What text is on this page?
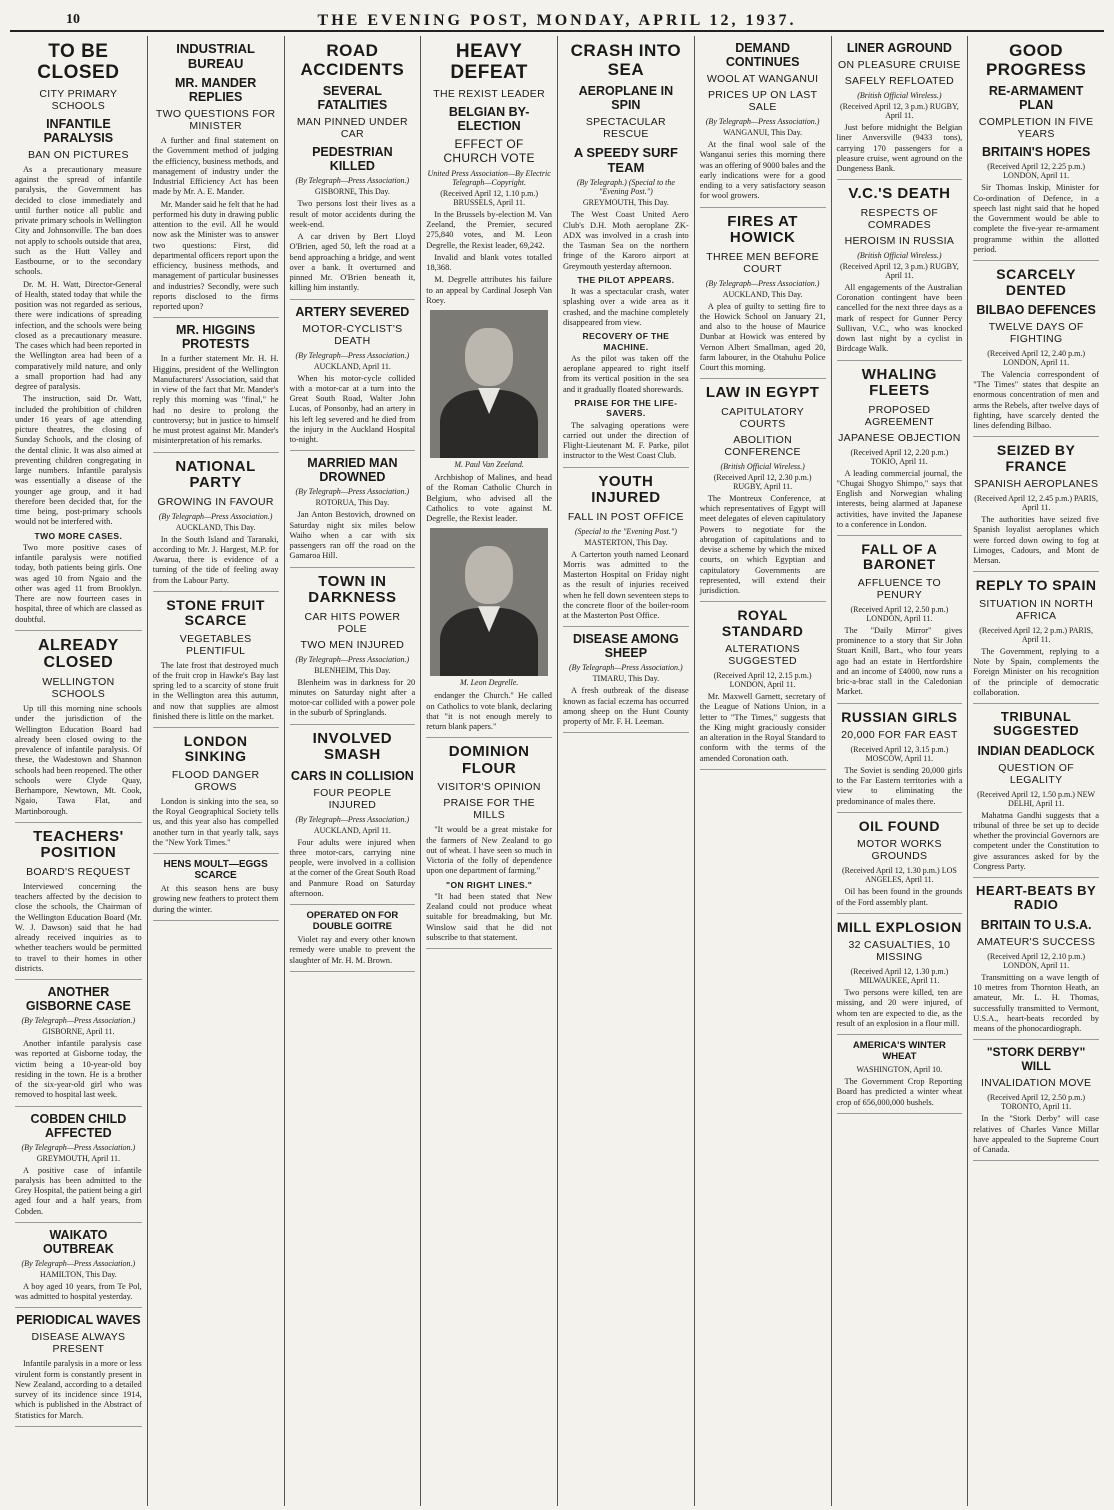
10	THE EVENING POST, MONDAY, APRIL 12, 1937.
TO BE CLOSED
CITY PRIMARY SCHOOLS
INFANTILE PARALYSIS
BAN ON PICTURES

As a precautionary measure against the spread of infantile paralysis, the Government has decided to close immediately and until further notice all public and private primary schools in Wellington City and Johnsonville. The ban does not apply to schools outside that area, such as the Hutt Valley and Eastbourne, or to the secondary schools.

Dr. M. H. Watt, Director-General of Health, stated today that while the position was not regarded as serious, there were indications of spreading infection, and the schools were being closed as a precautionary measure. The cases which had been reported in the Wellington area had been of a comparatively mild nature, and only a small proportion had had any degree of paralysis.

The instruction, said Dr. Watt, included the prohibition of children under 16 years of age attending picture theatres, the closing of Sunday Schools, and the closing of the dental clinic. It was also aimed at preventing children congregating in large numbers. Infantile paralysis was essentially a disease of the younger age group, and it had therefore been decided that, for the time being, post-primary schools would not be interfered with.

TWO MORE CASES.

Two more positive cases of infantile paralysis were notified today, both patients being girls. One was aged 10 from Ngaio and the other was aged 11 from Brooklyn. There are now fourteen cases in hospital, three of which are classed as doubtful.

ALREADY CLOSED
WELLINGTON SCHOOLS

Up till this morning nine schools under the jurisdiction of the Wellington Education Board had already been closed owing to the prevalence of infantile paralysis. Of these, the Wadestown and Shannon schools had been reopened. The other schools were Clyde Quay, Berhampore, Newtown, Mt. Cook, Ngaio, Tawa Flat, and Martinborough.

TEACHERS' POSITION
BOARD'S REQUEST

Interviewed concerning the teachers affected by the decision to close the schools, the Chairman of the Wellington Education Board (Mr. W. J. Dawson) said that he had already received inquiries as to whether teachers would be permitted to travel to their homes in other districts.

ANOTHER GISBORNE CASE
(By Telegraph—Press Association.)
GISBORNE, April 11.

Another infantile paralysis case was reported at Gisborne today, the victim being a 10-year-old boy residing in the town. He is a brother of the six-year-old girl who was removed to hospital last week.

COBDEN CHILD AFFECTED
(By Telegraph—Press Association.)
GREYMOUTH, April 11.

A positive case of infantile paralysis has been admitted to the Grey Hospital, the patient being a girl aged four and a half years, from Cobden.

WAIKATO OUTBREAK
(By Telegraph—Press Association.)
HAMILTON, This Day.

A boy aged 10 years, from Te Pol, was admitted to hospital yesterday.

PERIODICAL WAVES
DISEASE ALWAYS PRESENT

Infantile paralysis in a more or less virulent form is constantly present in New Zealand, according to a detailed survey of its incidence since 1914, which is published in the Abstract of Statistics for March.

INDUSTRIAL BUREAU
MR. MANDER REPLIES
TWO QUESTIONS FOR MINISTER

A further and final statement on the Government method of judging the efficiency, business methods, and management of industry under the Industrial Efficiency Act has been made by Mr. A. E. Mander.

Mr. Mander said he felt that he had performed his duty in drawing public attention to the evil. All he would now ask the Minister was to answer two questions: First, did departmental officers report upon the efficiency, business methods, and management of particular businesses and industries? Secondly, were such reports disclosed to the firms reported upon?

MR. HIGGINS PROTESTS

In a further statement Mr. H. H. Higgins, president of the Wellington Manufacturers' Association, said that in view of the fact that Mr. Mander's reply this morning was "final," he had no desire to prolong the controversy; but in justice to himself he must protest against Mr. Mander's misinterpretation of his remarks.

NATIONAL PARTY
GROWING IN FAVOUR
(By Telegraph—Press Association.)
AUCKLAND, This Day.

In the South Island and Taranaki, according to Mr. J. Hargest, M.P. for Awarua, there is evidence of a turning of the tide of feeling away from the Labour Party.

STONE FRUIT SCARCE
VEGETABLES PLENTIFUL

The late frost that destroyed much of the fruit crop in Hawke's Bay last spring led to a scarcity of stone fruit in the Wellington area this autumn, and now that supplies are almost finished there is little on the market.

LONDON SINKING
FLOOD DANGER GROWS

London is sinking into the sea, so the Royal Geographical Society tells us, and this year also has compelled another turn in that yearly talk, says the "New York Times."

HENS MOULT—EGGS SCARCE

At this season hens are busy growing new feathers to protect them during the winter.

ROAD ACCIDENTS
SEVERAL FATALITIES
MAN PINNED UNDER CAR
PEDESTRIAN KILLED
(By Telegraph—Press Association.)
GISBORNE, This Day.

Two persons lost their lives as a result of motor accidents during the week-end.

A car driven by Bert Lloyd O'Brien, aged 50, left the road at a bend approaching a bridge, and went over a bank. It overturned and pinned Mr. O'Brien beneath it, killing him instantly.

ARTERY SEVERED
MOTOR-CYCLIST'S DEATH
(By Telegraph—Press Association.)
AUCKLAND, April 11.

When his motor-cycle collided with a motor-car at a turn into the Great South Road, Walter John Lucas, of Ponsonby, had an artery in his left leg severed and he died from the injury in the Auckland Hospital to-night.

MARRIED MAN DROWNED
(By Telegraph—Press Association.)
ROTORUA, This Day.

Jan Anton Bestovich, drowned on Saturday night six miles below Waiho when a car with six passengers ran off the road on the Gamaroa Hill.

TOWN IN DARKNESS
CAR HITS POWER POLE
TWO MEN INJURED
(By Telegraph—Press Association.)
BLENHEIM, This Day.

Blenheim was in darkness for 20 minutes on Saturday night after a motor-car collided with a power pole in the suburb of Springlands.

INVOLVED SMASH
CARS IN COLLISION
FOUR PEOPLE INJURED
(By Telegraph—Press Association.)
AUCKLAND, April 11.

Four adults were injured when three motor-cars, carrying nine people, were involved in a collision at the corner of the Great South Road and Panmure Road on Saturday afternoon.

OPERATED ON FOR DOUBLE GOITRE

Violet ray and every other known remedy were unable to prevent the slaughter of Mr. H. M. Brown.

HEAVY DEFEAT
THE REXIST LEADER
BELGIAN BY-ELECTION
EFFECT OF CHURCH VOTE
United Press Association—By Electric Telegraph—Copyright.
(Received April 12, 1.10 p.m.) BRUSSELS, April 11.

In the Brussels by-election M. Van Zeeland, the Premier, secured 275,840 votes, and M. Leon Degrelle, the Rexist leader, 69,242.

Invalid and blank votes totalled 18,368.

M. Degrelle attributes his failure to an appeal by Cardinal Joseph Van Roey.

M. Paul Van Zeeland.

Archbishop of Malines, and head of the Roman Catholic Church in Belgium, who advised all the Catholics to vote against M. Degrelle, the Rexist leader.

M. Leon Degrelle.

endanger the Church." He called on Catholics to vote blank, declaring that "it is not enough merely to return blank papers."

DOMINION FLOUR
VISITOR'S OPINION
PRAISE FOR THE MILLS

"It would be a great mistake for the farmers of New Zealand to go out of wheat. I have seen so much in Victoria of the folly of dependence upon one department of farming."

"ON RIGHT LINES."

"It had been stated that New Zealand could not produce wheat suitable for breadmaking, but Mr. Winslow said that he did not subscribe to that statement.

CRASH INTO SEA
AEROPLANE IN SPIN
SPECTACULAR RESCUE
A SPEEDY SURF TEAM
(By Telegraph.) (Special to the "Evening Post.")
GREYMOUTH, This Day.

The West Coast United Aero Club's D.H. Moth aeroplane ZK-ADX was involved in a crash into the Tasman Sea on the northern fringe of the Karoro airport at Greymouth yesterday afternoon.

THE PILOT APPEARS.

It was a spectacular crash, water splashing over a wide area as it crashed, and the machine completely disappeared from view.

RECOVERY OF THE MACHINE.

As the pilot was taken off the aeroplane appeared to right itself from its vertical position in the sea and it gradually floated shorewards.

PRAISE FOR THE LIFE-SAVERS.

The salvaging operations were carried out under the direction of Flight-Lieutenant M. F. Parke, pilot instructor to the West Coast Club.

YOUTH INJURED
FALL IN POST OFFICE
(Special to the "Evening Post.")
MASTERTON, This Day.

A Carterton youth named Leonard Morris was admitted to the Masterton Hospital on Friday night as the result of injuries received when he fell down seventeen steps to the concrete floor of the boiler-room at the Masterton Post Office.

DISEASE AMONG SHEEP
(By Telegraph—Press Association.)
TIMARU, This Day.

A fresh outbreak of the disease known as facial eczema has occurred among sheep on the Hunt County property of Mr. F. H. Leeman.

DEMAND CONTINUES
WOOL AT WANGANUI
PRICES UP ON LAST SALE
(By Telegraph—Press Association.)
WANGANUI, This Day.

At the final wool sale of the Wanganui series this morning there was an offering of 9000 bales and the early indications were for a good ending to a very satisfactory season for wool growers.

FIRES AT HOWICK
THREE MEN BEFORE COURT
(By Telegraph—Press Association.)
AUCKLAND, This Day.

A plea of guilty to setting fire to the Howick School on January 21, and also to the house of Maurice Dunbar at Howick was entered by Vernon Albert Smallman, aged 20, farm labourer, in the Otahuhu Police Court this morning.

LAW IN EGYPT
CAPITULATORY COURTS
ABOLITION CONFERENCE
(British Official Wireless.)
(Received April 12, 2.30 p.m.) RUGBY, April 11.

The Montreux Conference, at which representatives of Egypt will meet delegates of eleven capitulatory Powers to negotiate for the abrogation of capitulations and to devise a scheme by which the mixed courts, on which Egyptian and capitulatory Governments are represented, will extend their jurisdiction.

ROYAL STANDARD
ALTERATIONS SUGGESTED
(Received April 12, 2.15 p.m.) LONDON, April 11.

Mr. Maxwell Garnett, secretary of the League of Nations Union, in a letter to "The Times," suggests that the King might graciously consider an alteration in the Royal Standard to conform with the terms of the amended Coronation oath.

LINER AGROUND
ON PLEASURE CRUISE
SAFELY REFLOATED
(British Official Wireless.)
(Received April 12, 3 p.m.) RUGBY, April 11.

Just before midnight the Belgian liner Anversville (9433 tons), carrying 170 passengers for a pleasure cruise, went aground on the Dungeness Bank.

V.C.'S DEATH
RESPECTS OF COMRADES
HEROISM IN RUSSIA
(British Official Wireless.)
(Received April 12, 3 p.m.) RUGBY, April 11.

All engagements of the Australian Coronation contingent have been cancelled for the next three days as a mark of respect for Gunner Percy Sullivan, V.C., who was knocked down last night by a cyclist in Birdcage Walk.

WHALING FLEETS
PROPOSED AGREEMENT
JAPANESE OBJECTION
(Received April 12, 2.20 p.m.) TOKIO, April 11.

A leading commercial journal, the "Chugai Shogyo Shimpo," says that English and Norwegian whaling interests, being alarmed at Japanese activities, have invited the Japanese to a conference in London.

FALL OF A BARONET
AFFLUENCE TO PENURY
(Received April 12, 2.50 p.m.) LONDON, April 11.

The "Daily Mirror" gives prominence to a story that Sir John Stuart Knill, Bart., who four years ago had an estate in Hertfordshire and an income of £4000, now runs a bric-a-brac stall in the Caledonian Market.

RUSSIAN GIRLS
20,000 FOR FAR EAST
(Received April 12, 3.15 p.m.) MOSCOW, April 11.

The Soviet is sending 20,000 girls to the Far Eastern territories with a view to eliminating the predominance of males there.

OIL FOUND
MOTOR WORKS GROUNDS
(Received April 12, 1.30 p.m.) LOS ANGELES, April 11.

Oil has been found in the grounds of the Ford assembly plant.

MILL EXPLOSION
32 CASUALTIES, 10 MISSING
(Received April 12, 1.30 p.m.) MILWAUKEE, April 11.

Two persons were killed, ten are missing, and 20 were injured, of whom ten are expected to die, as the result of an explosion in a flour mill.

AMERICA'S WINTER WHEAT
WASHINGTON, April 10.

The Government Crop Reporting Board has predicted a winter wheat crop of 656,000,000 bushels.

GOOD PROGRESS
RE-ARMAMENT PLAN
COMPLETION IN FIVE YEARS
BRITAIN'S HOPES
(Received April 12, 2.25 p.m.) LONDON, April 11.

Sir Thomas Inskip, Minister for Co-ordination of Defence, in a speech last night said that he hoped the Government would be able to complete the five-year re-armament programme within the allotted period.

SCARCELY DENTED
BILBAO DEFENCES
TWELVE DAYS OF FIGHTING
(Received April 12, 2.40 p.m.) LONDON, April 11.

The Valencia correspondent of "The Times" states that despite an enormous concentration of men and arms the Rebels, after twelve days of fighting, have scarcely dented the lines defending Bilbao.

SEIZED BY FRANCE
SPANISH AEROPLANES
(Received April 12, 2.45 p.m.) PARIS, April 11.

The authorities have seized five Spanish loyalist aeroplanes which were forced down owing to fog at Limoges, Cadours, and Mont de Mersan.

REPLY TO SPAIN
SITUATION IN NORTH AFRICA
(Received April 12, 2 p.m.) PARIS, April 11.

The Government, replying to a Note by Spain, complements the Foreign Minister on his recognition of the principle of democratic collaboration.

TRIBUNAL SUGGESTED
INDIAN DEADLOCK
QUESTION OF LEGALITY
(Received April 12, 1.50 p.m.) NEW DELHI, April 11.

Mahatma Gandhi suggests that a tribunal of three be set up to decide whether the provincial Governors are competent under the Constitution to give assurances asked for by the Congress Party.

HEART-BEATS BY RADIO
BRITAIN TO U.S.A.
AMATEUR'S SUCCESS
(Received April 12, 2.10 p.m.) LONDON, April 11.

Transmitting on a wave length of 10 metres from Thornton Heath, an amateur, Mr. L. H. Thomas, successfully transmitted to Vermont, U.S.A., heart-beats recorded by means of the phonocardiograph.

"STORK DERBY" WILL
INVALIDATION MOVE
(Received April 12, 2.50 p.m.) TORONTO, April 11.

In the "Stork Derby" will case relatives of Charles Vance Millar have appealed to the Supreme Court of Canada.
